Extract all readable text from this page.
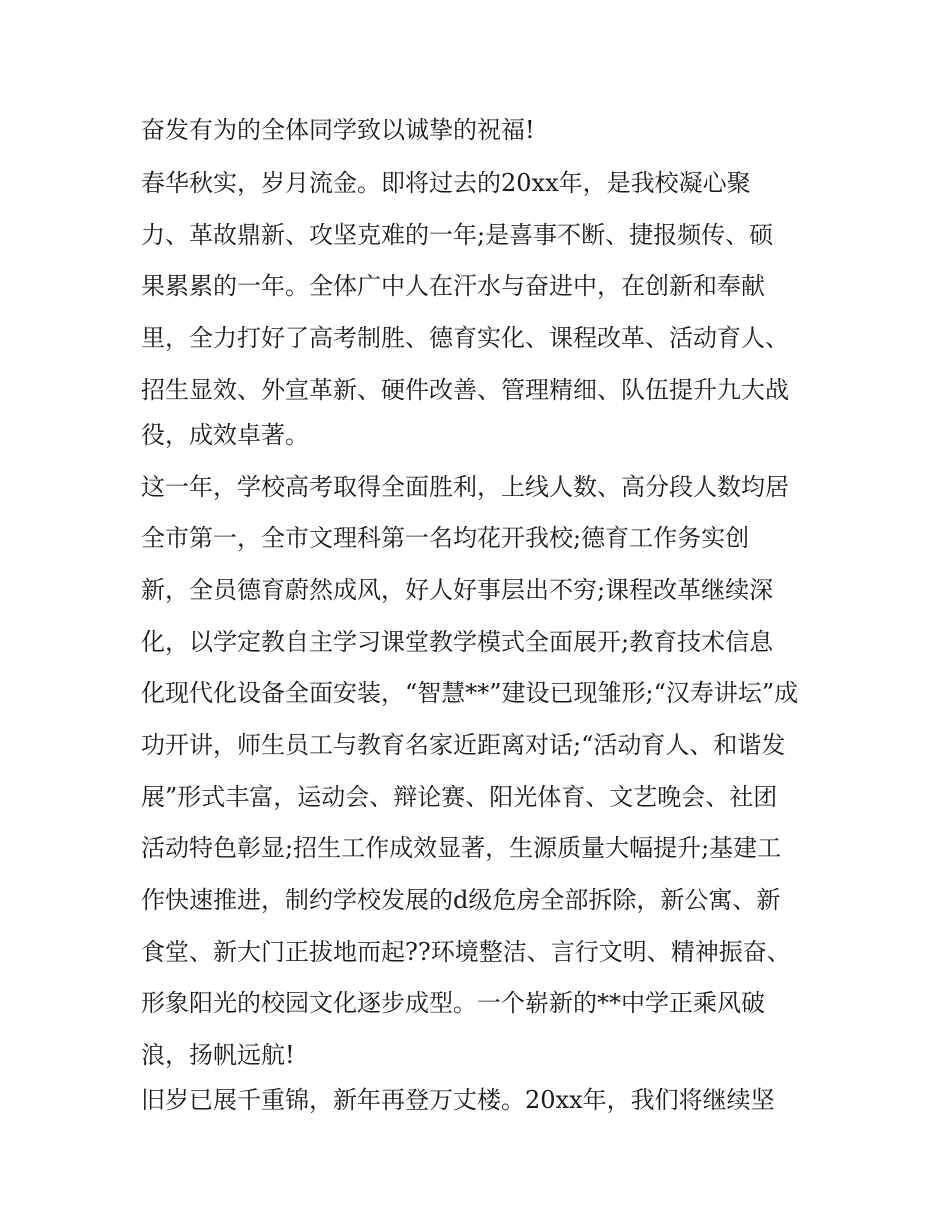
奋发有为的全体同学致以诚挚的祝福!
春华秋实，岁月流金。即将过去的20xx年，是我校凝心聚
力、革故鼎新、攻坚克难的一年;是喜事不断、捷报频传、硕
果累累的一年。全体广中人在汗水与奋进中，在创新和奉献
里，全力打好了高考制胜、德育实化、课程改革、活动育人、
招生显效、外宣革新、硬件改善、管理精细、队伍提升九大战
役，成效卓著。
这一年，学校高考取得全面胜利，上线人数、高分段人数均居
全市第一，全市文理科第一名均花开我校;德育工作务实创
新，全员德育蔚然成风，好人好事层出不穷;课程改革继续深
化，以学定教自主学习课堂教学模式全面展开;教育技术信息
化现代化设备全面安装，“智慧**”建设已现雏形;“汉寿讲坛”成
功开讲，师生员工与教育名家近距离对话;“活动育人、和谐发
展”形式丰富，运动会、辩论赛、阳光体育、文艺晚会、社团
活动特色彰显;招生工作成效显著，生源质量大幅提升;基建工
作快速推进，制约学校发展的d级危房全部拆除，新公寓、新
食堂、新大门正拔地而起??环境整洁、言行文明、精神振奋、
形象阳光的校园文化逐步成型。一个崭新的**中学正乘风破
浪，扬帆远航!
旧岁已展千重锦，新年再登万丈楼。20xx年，我们将继续坚
